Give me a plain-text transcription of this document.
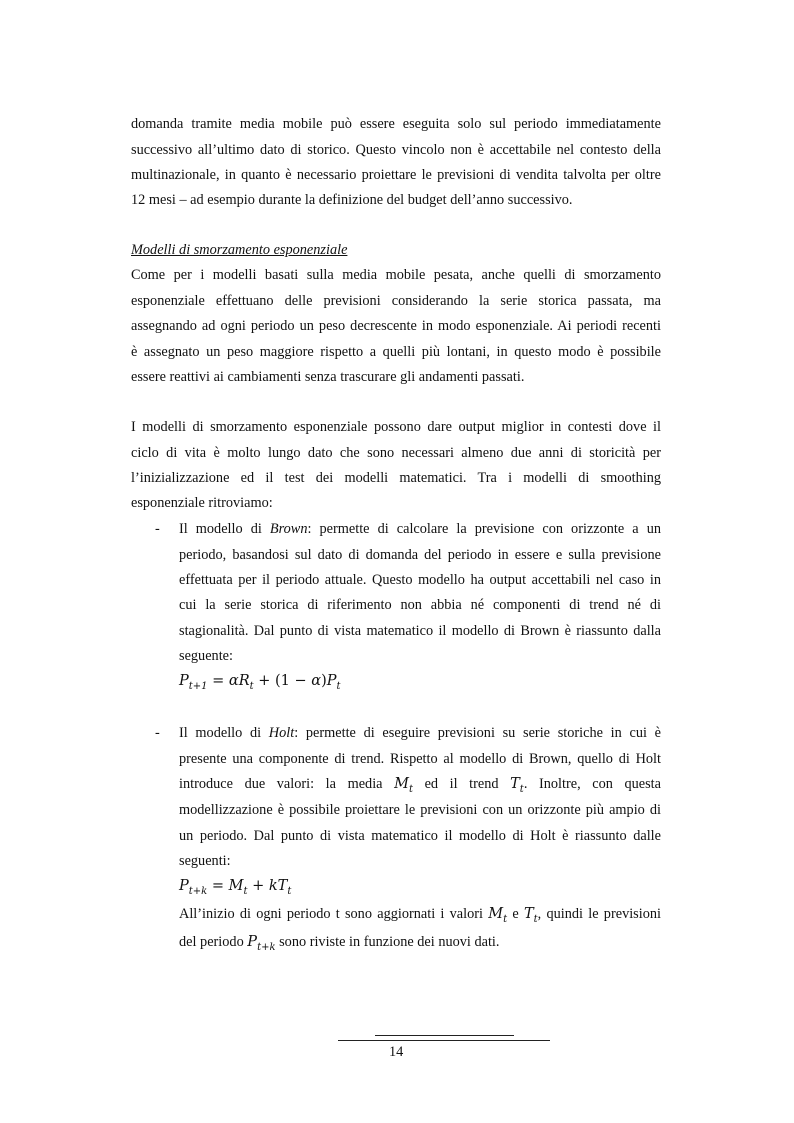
domanda tramite media mobile può essere eseguita solo sul periodo immediatamente
successivo all’ultimo dato di storico. Questo vincolo non è accettabile nel contesto della
multinazionale, in quanto è necessario proiettare le previsioni di vendita talvolta per oltre
12 mesi – ad esempio durante la definizione del budget dell’anno successivo.
Modelli di smorzamento esponenziale
Come per i modelli basati sulla media mobile pesata, anche quelli di smorzamento
esponenziale effettuano delle previsioni considerando la serie storica passata, ma
assegnando ad ogni periodo un peso decrescente in modo esponenziale. Ai periodi recenti
è assegnato un peso maggiore rispetto a quelli più lontani, in questo modo è possibile
essere reattivi ai cambiamenti senza trascurare gli andamenti passati.
I modelli di smorzamento esponenziale possono dare output miglior in contesti dove il
ciclo di vita è molto lungo dato che sono necessari almeno due anni di storicità per
l’inizializzazione ed il test dei modelli matematici. Tra i modelli di smoothing
esponenziale ritroviamo:
- Il modello di Brown: permette di calcolare la previsione con orizzonte a un
periodo, basandosi sul dato di domanda del periodo in essere e sulla previsione
effettuata per il periodo attuale. Questo modello ha output accettabili nel caso in
cui la serie storica di riferimento non abbia né componenti di trend né di
stagionalità. Dal punto di vista matematico il modello di Brown è riassunto dalla
seguente:
$P_{t+1} = \alpha R_t + (1 - \alpha)P_t$
- Il modello di Holt: permette di eseguire previsioni su serie storiche in cui è
presente una componente di trend. Rispetto al modello di Brown, quello di Holt
introduce due valori: la media $M_t$ ed il trend $T_t$. Inoltre, con questa
modellizzazione è possibile proiettare le previsioni con un orizzonte più ampio di
un periodo. Dal punto di vista matematico il modello di Holt è riassunto dalle
seguenti:
$P_{t+k} = M_t + kT_t$
All’inizio di ogni periodo t sono aggiornati i valori $M_t$ e $T_t$, quindi le previsioni
del periodo $P_{t+k}$ sono riviste in funzione dei nuovi dati.
14
